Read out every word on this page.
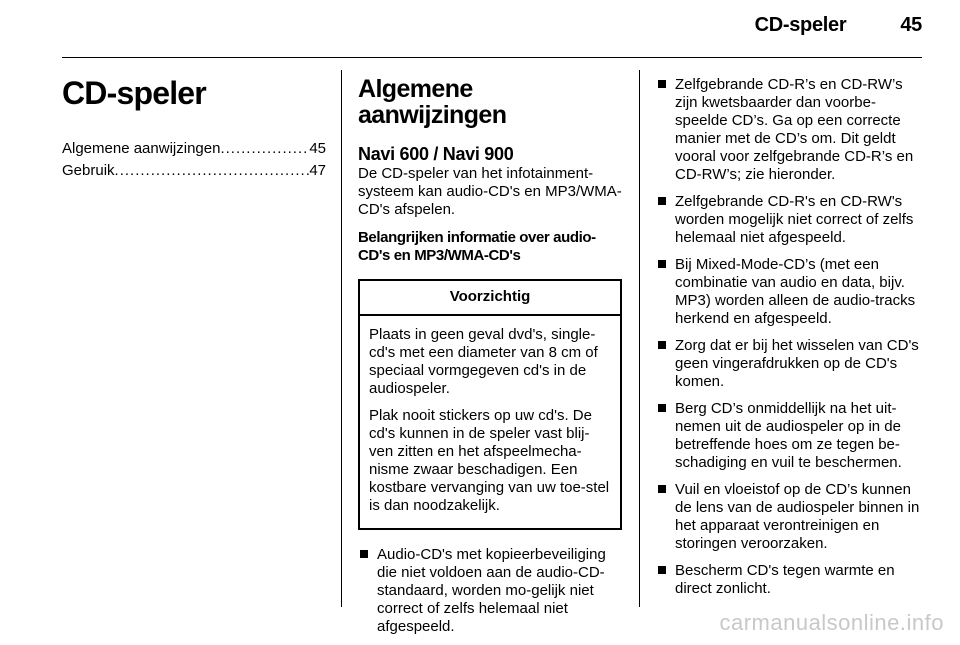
CD-speler	45
CD-speler
Algemene aanwijzingen .....	45
Gebruik .....	47
Algemene aanwijzingen
Navi 600 / Navi 900

De CD-speler van het infotainment-systeem kan audio-CD's en MP3/WMA-CD's afspelen.

Belangrijken informatie over audio-CD's en MP3/WMA-CD's

Voorzichtig

Plaats in geen geval dvd's, single-cd's met een diameter van 8 cm of speciaal vormgegeven cd's in de audiospeler.

Plak nooit stickers op uw cd's. De cd's kunnen in de speler vast blij-ven zitten en het afspeelmecha-nisme zwaar beschadigen. Een kostbare vervanging van uw toe-stel is dan noodzakelijk.

Audio-CD's met kopieerbeveiliging die niet voldoen aan de audio-CD-standaard, worden mo-gelijk niet correct of zelfs helemaal niet afgespeeld.
Zelfgebrande CD-R’s en CD-RW’s zijn kwetsbaarder dan voorbe-speelde CD’s. Ga op een correcte manier met de CD’s om. Dit geldt vooral voor zelfgebrande CD-R’s en CD-RW’s; zie hieronder.
Zelfgebrande CD-R's en CD-RW's worden mogelijk niet correct of zelfs helemaal niet afgespeeld.
Bij Mixed-Mode-CD’s (met een combinatie van audio en data, bijv. MP3) worden alleen de audio-tracks herkend en afgespeeld.
Zorg dat er bij het wisselen van CD's geen vingerafdrukken op de CD's komen.
Berg CD’s onmiddellijk na het uit-nemen uit de audiospeler op in de betreffende hoes om ze tegen be-schadiging en vuil te beschermen.
Vuil en vloeistof op de CD’s kunnen de lens van de audiospeler binnen in het apparaat verontreinigen en storingen veroorzaken.
Bescherm CD's tegen warmte en direct zonlicht.
carmanualsonline.info
